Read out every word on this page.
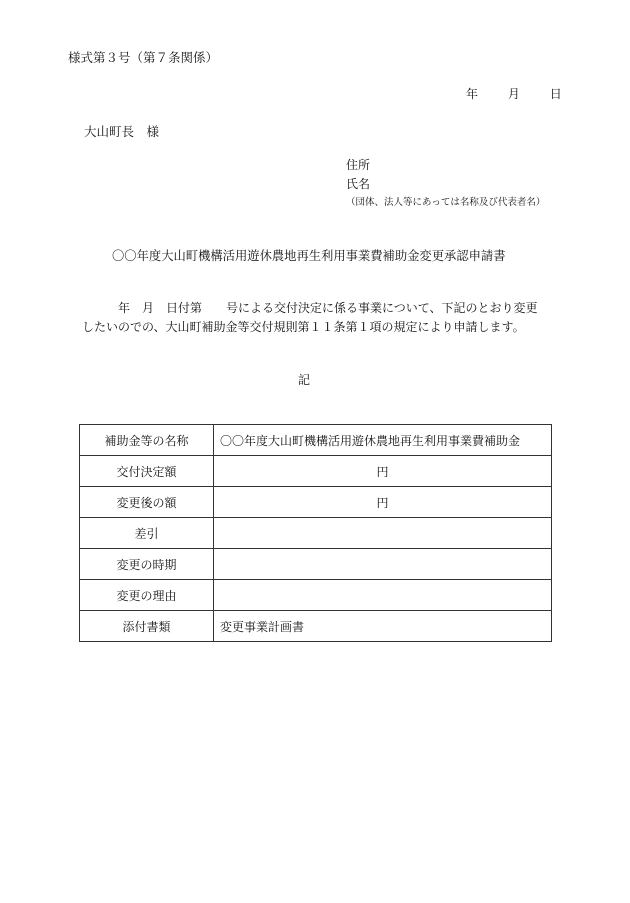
様式第３号（第７条関係）
年 月 日
大山町長　様
住所
氏名
（団体、法人等にあっては名称及び代表者名）
〇〇年度大山町機構活用遊休農地再生利用事業費補助金変更承認申請書
年　月　日付第　　号による交付決定に係る事業について、下記のとおり変更
したいのでの、大山町補助金等交付規則第１１条第１項の規定により申請します。
記
補助金等の名称	〇〇年度大山町機構活用遊休農地再生利用事業費補助金
交付決定額	円
変更後の額	円
差引	
変更の時期	
変更の理由	
添付書類	変更事業計画書
